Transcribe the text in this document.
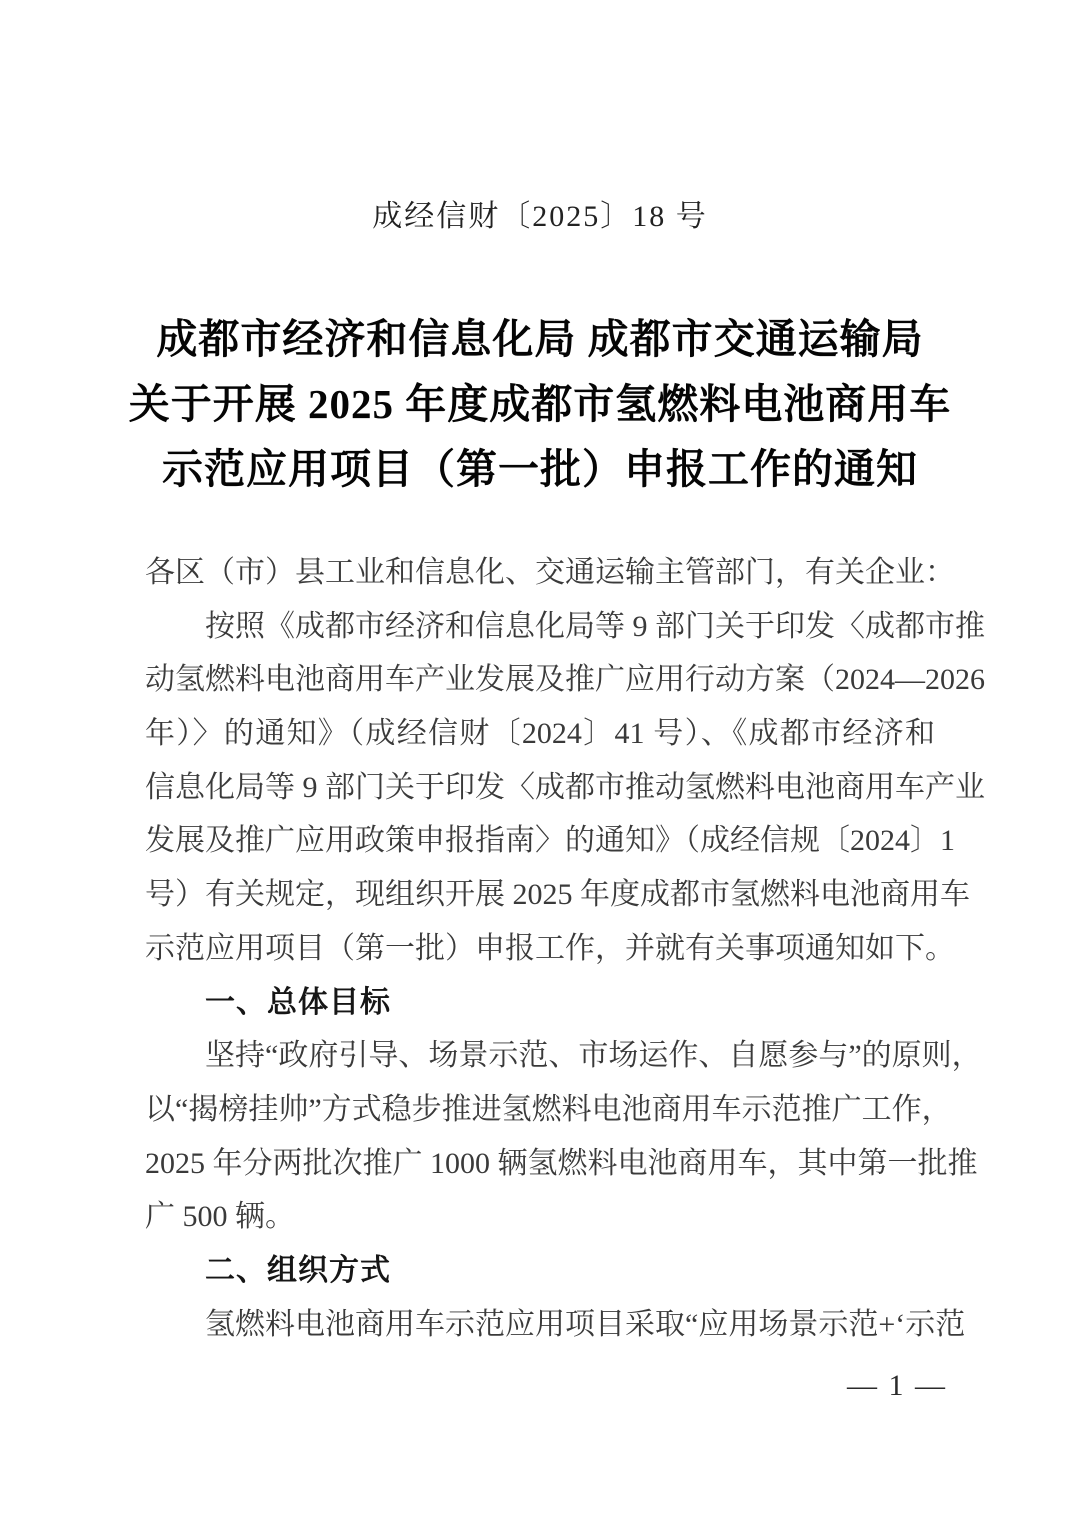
成经信财〔2025〕18 号
成都市经济和信息化局 成都市交通运输局
关于开展 2025 年度成都市氢燃料电池商用车
示范应用项目（第一批）申报工作的通知
各区（市）县工业和信息化、交通运输主管部门，有关企业：
按照《成都市经济和信息化局等 9 部门关于印发〈成都市推
动氢燃料电池商用车产业发展及推广应用行动方案（2024—2026
年）〉的通知》（成经信财〔2024〕41 号）、《成都市经济和
信息化局等 9 部门关于印发〈成都市推动氢燃料电池商用车产业
发展及推广应用政策申报指南〉的通知》（成经信规〔2024〕1
号）有关规定，现组织开展 2025 年度成都市氢燃料电池商用车
示范应用项目（第一批）申报工作，并就有关事项通知如下。
一、总体目标
坚持“政府引导、场景示范、市场运作、自愿参与”的原则，
以“揭榜挂帅”方式稳步推进氢燃料电池商用车示范推广工作，
2025 年分两批次推广 1000 辆氢燃料电池商用车，其中第一批推
广 500 辆。
二、组织方式
氢燃料电池商用车示范应用项目采取“应用场景示范+‘示范
— 1 —
